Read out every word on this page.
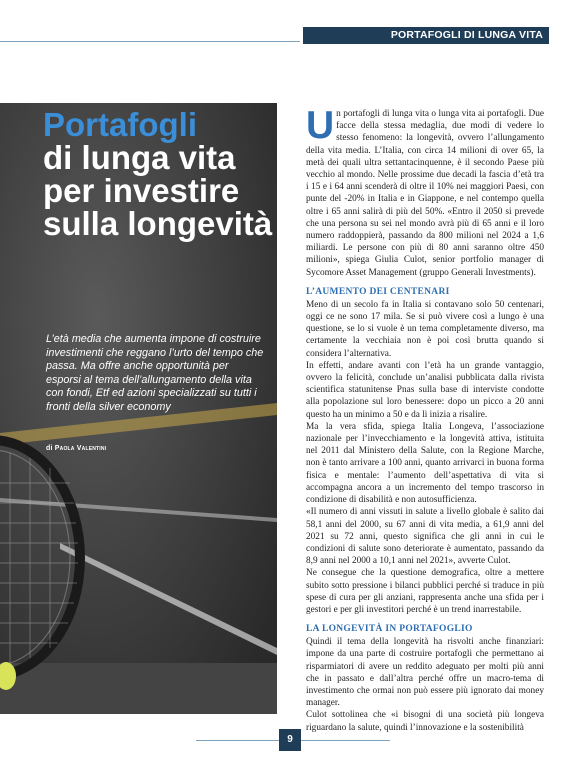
PORTAFOGLI DI LUNGA VITA
Portafogli
di lunga vita per investire sulla longevità
L’età media che aumenta impone di costruire investimenti che reggano l’urto del tempo che passa. Ma offre anche opportunità per esporsi al tema dell’allungamento della vita con fondi, Etf ed azioni specializzati su tutti i fronti della silver economy
di Paola Valentini

Un portafogli di lunga vita o lunga vita ai portafogli. Due facce della stessa medaglia, due modi di vedere lo stesso fenomeno: la longevità, ovvero l’allungamento della vita media. L’Italia, con circa 14 milioni di over 65, la metà dei quali ultra settantacinquenne, è il secondo Paese più vecchio al mondo. Nelle prossime due decadi la fascia d’età tra i 15 e i 64 anni scenderà di oltre il 10% nei maggiori Paesi, con punte del -20% in Italia e in Giappone, e nel contempo quella oltre i 65 anni salirà di più del 50%. «Entro il 2050 si prevede che una persona su sei nel mondo avrà più di 65 anni e il loro numero raddoppierà, passando da 800 milioni nel 2024 a 1,6 miliardi. Le persone con più di 80 anni saranno oltre 450 milioni», spiega Giulia Culot, senior portfolio manager di Sycomore Asset Management (gruppo Generali Investments).

L’AUMENTO DEI CENTENARI

Meno di un secolo fa in Italia si contavano solo 50 centenari, oggi ce ne sono 17 mila. Se si può vivere così a lungo è una questione, se lo si vuole è un tema completamente diverso, ma certamente la vecchiaia non è poi così brutta quando si considera l’alternativa.

In effetti, andare avanti con l’età ha un grande vantaggio, ovvero la felicità, conclude un’analisi pubblicata dalla rivista scientifica statunitense Pnas sulla base di interviste condotte alla popolazione sul loro benessere: dopo un picco a 20 anni questo ha un minimo a 50 e da lì inizia a risalire.

Ma la vera sfida, spiega Italia Longeva, l’associazione nazionale per l’invecchiamento e la longevità attiva, istituita nel 2011 dal Ministero della Salute, con la Regione Marche, non è tanto arrivare a 100 anni, quanto arrivarci in buona forma fisica e mentale: l’aumento dell’aspettativa di vita si accompagna ancora a un incremento del tempo trascorso in condizione di disabilità e non autosufficienza.

«Il numero di anni vissuti in salute a livello globale è salito dai 58,1 anni del 2000, su 67 anni di vita media, a 61,9 anni del 2021 su 72 anni, questo significa che gli anni in cui le condizioni di salute sono deteriorate è aumentato, passando da 8,9 anni nel 2000 a 10,1 anni nel 2021», avverte Culot.

Ne consegue che la questione demografica, oltre a mettere subito sotto pressione i bilanci pubblici perché si traduce in più spese di cura per gli anziani, rappresenta anche una sfida per i gestori e per gli investitori perché è un trend inarrestabile.

LA LONGEVITÀ IN PORTAFOGLIO

Quindi il tema della longevità ha risvolti anche finanziari: impone da una parte di costruire portafogli che permettano ai risparmiatori di avere un reddito adeguato per molti più anni che in passato e dall’altra perché offre un macro-tema di investimento che ormai non può essere più ignorato dai money manager.

Culot sottolinea che «i bisogni di una società più longeva riguardano la salute, quindi l’innovazione e la sostenibilità

9
